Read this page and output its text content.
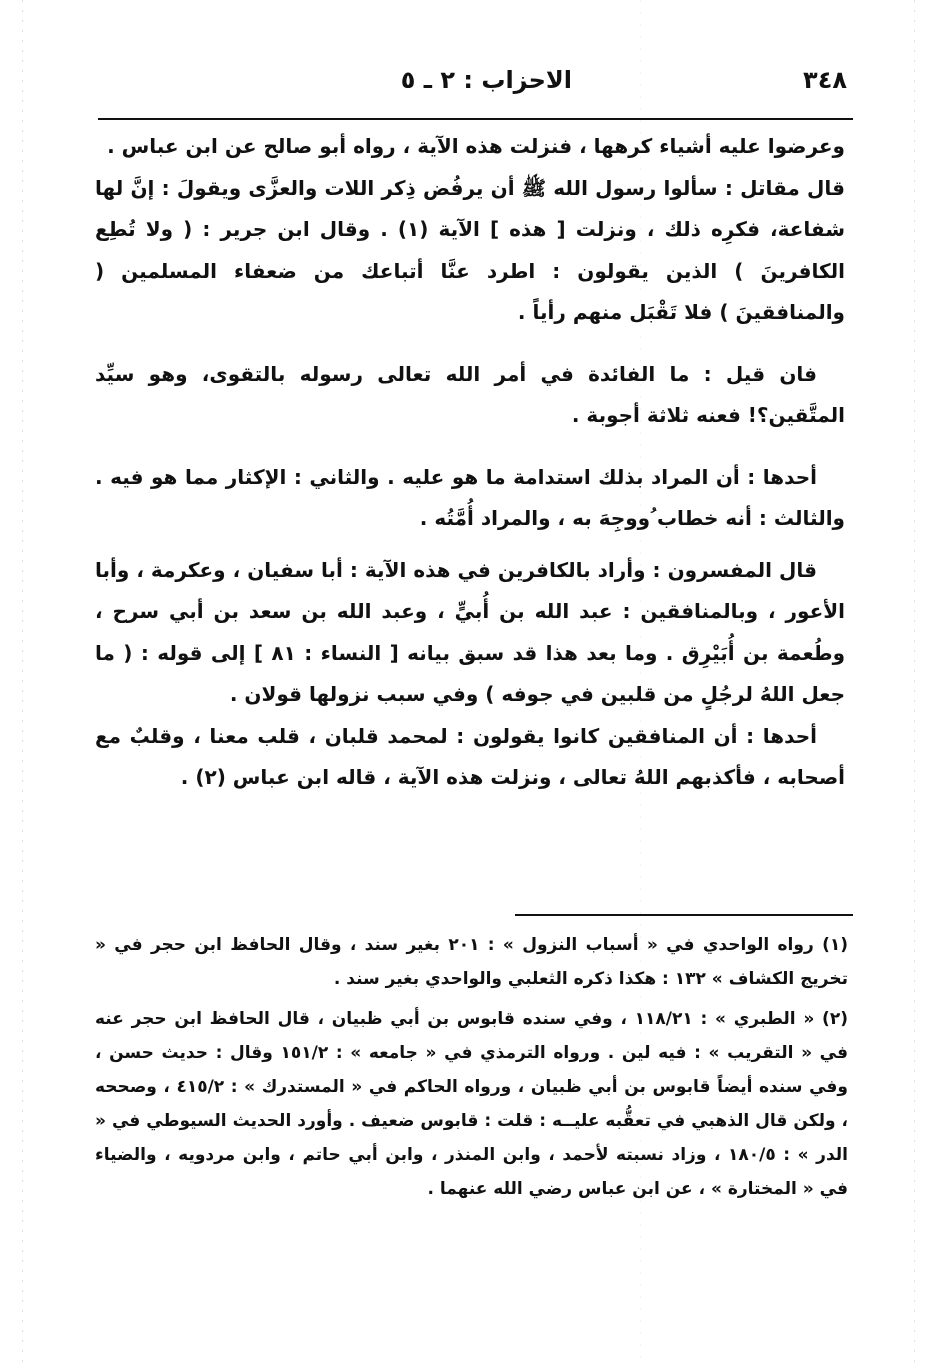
٣٤٨
الاحزاب : ٢ ـ ٥

وعرضوا عليه أشياء كرهها ، فنزلت هذه الآية ، رواه أبو صالح عن ابن عباس .

قال مقاتل : سألوا رسول الله ﷺ أن يرفُض ذِكر اللات والعزَّى ويقولَ : إنَّ لها شفاعة، فكرِه ذلك ، ونزلت [ هذه ] الآية (١) . وقال ابن جرير : ( ولا تُطِع الكافرينَ ) الذين يقولون : اطرد عنَّا أتباعك من ضعفاء المسلمين ( والمنافقينَ ) فلا تَقْبَل منهم رأياً .

فان قيل : ما الفائدة في أمر الله تعالى رسوله بالتقوى، وهو سيِّد المتَّقين؟! فعنه ثلاثة أجوبة .

أحدها : أن المراد بذلك استدامة ما هو عليه . والثاني : الإكثار مما هو فيه . والثالث : أنه خطاب ُووجِهَ به ، والمراد أُمَّتُه .

قال المفسرون : وأراد بالكافرين في هذه الآية : أبا سفيان ، وعكرمة ، وأبا الأعور ، وبالمنافقين : عبد الله بن أُبيٍّ ، وعبد الله بن سعد بن أبي سرح ، وطُعمة بن أُبَيْرِق . وما بعد هذا قد سبق بيانه [ النساء : ٨١ ] إلى قوله : ( ما جعل اللهُ لرجُلٍ من قلبين في جوفه ) وفي سبب نزولها قولان .

أحدها : أن المنافقين كانوا يقولون : لمحمد قلبان ، قلب معنا ، وقلبٌ مع أصحابه ، فأكذبهم اللهُ تعالى ، ونزلت هذه الآية ، قاله ابن عباس (٢) .

(١) رواه الواحدي في « أسباب النزول » : ٢٠١ بغير سند ، وقال الحافظ ابن حجر في « تخريج الكشاف » ١٣٢ : هكذا ذكره الثعلبي والواحدي بغير سند .

(٢) « الطبري » : ١١٨/٢١ ، وفي سنده قابوس بن أبي ظبيان ، قال الحافظ ابن حجر عنه في « التقريب » : فيه لين . ورواه الترمذي في « جامعه » : ١٥١/٢ وقال : حديث حسن ، وفي سنده أيضاً قابوس بن أبي ظبيان ، ورواه الحاكم في « المستدرك » : ٤١٥/٢ ، وصححه ، ولكن قال الذهبي في تعقُّبه عليــه : قلت : قابوس ضعيف . وأورد الحديث السيوطي في « الدر » : ١٨٠/٥ ، وزاد نسبته لأحمد ، وابن المنذر ، وابن أبي حاتم ، وابن مردويه ، والضياء في « المختارة » ، عن ابن عباس رضي الله عنهما .
